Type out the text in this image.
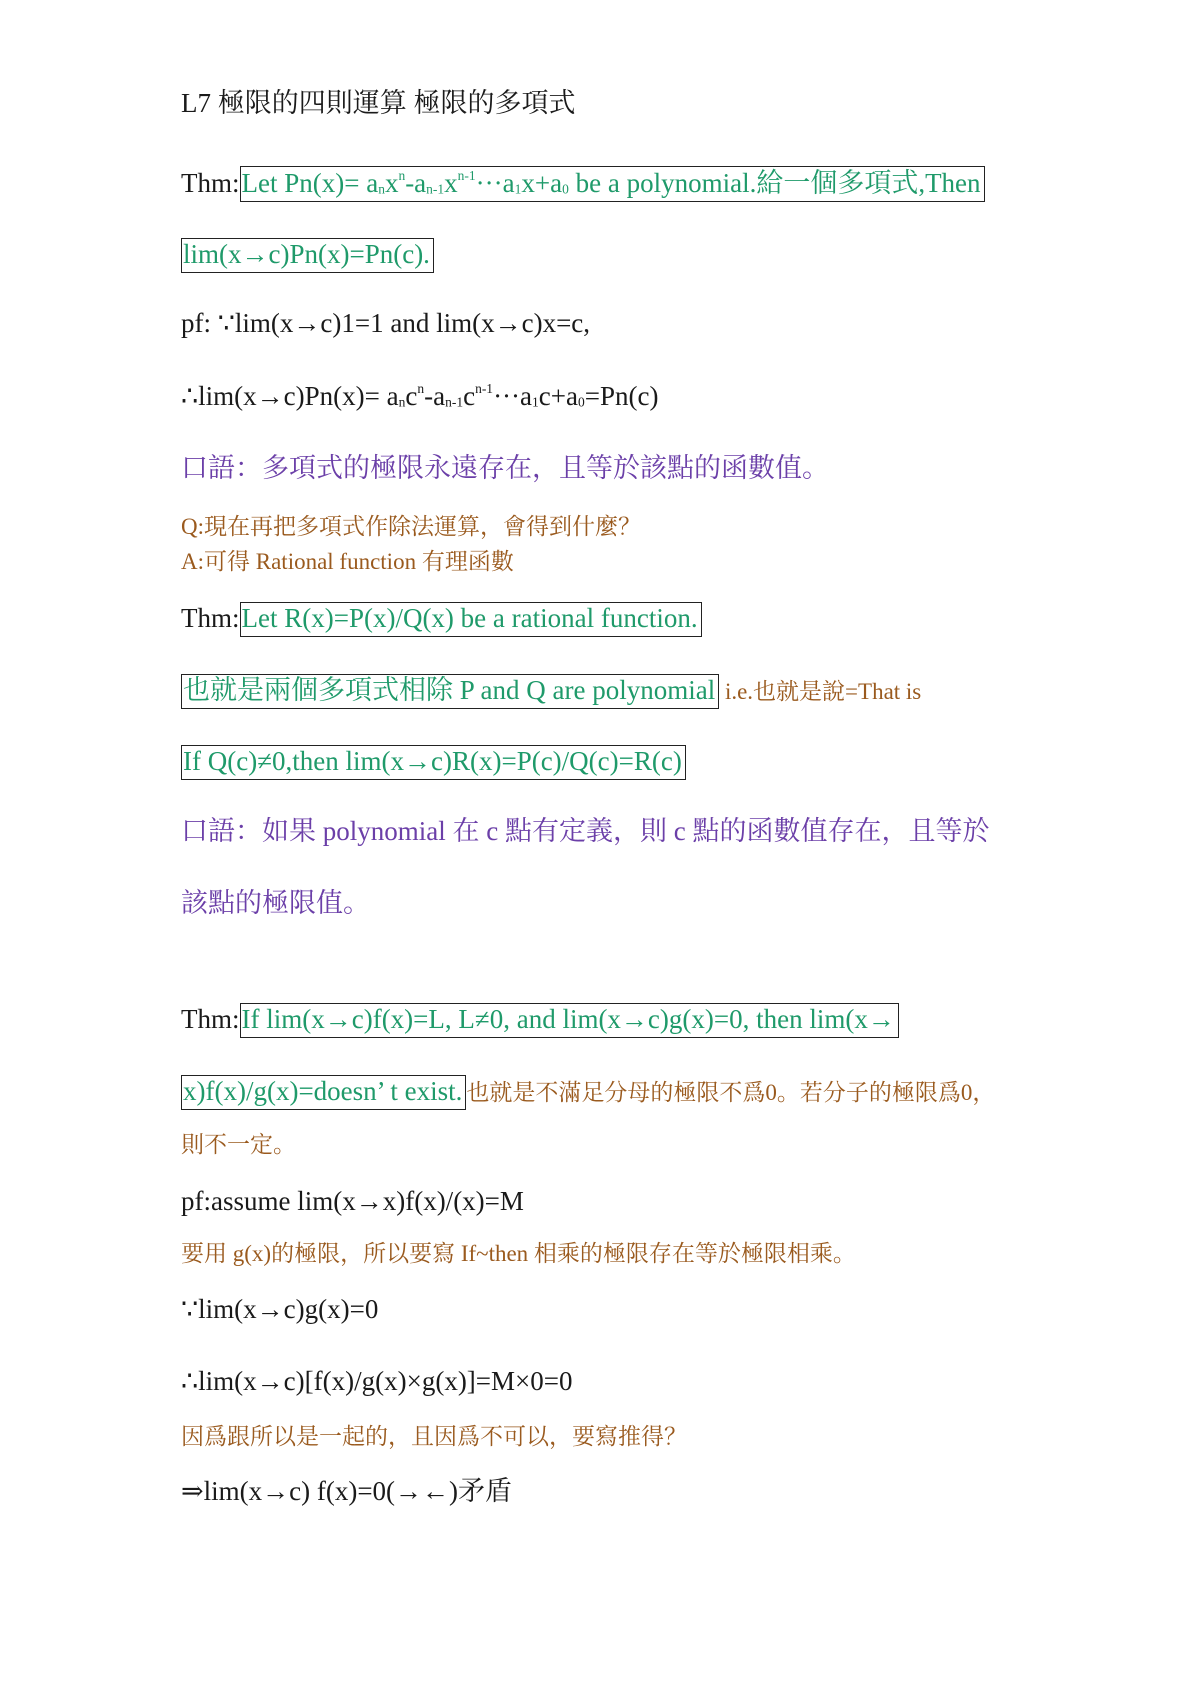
L7 極限的四則運算 極限的多項式
Thm:Let $Pn(x)= a_nx^n-a_{n-1}x^{n-1}\cdot\cdot\cdot a_1x+a_0$ be a polynomial.給一個多項式,Then
lim(x→c)Pn(x)=Pn(c).
pf: ∵lim(x→c)1=1 and lim(x→c)x=c,
∴lim(x→c)Pn(x)= $a_nc^n-a_{n-1}c^{n-1}\cdot\cdot\cdot a_1c+a_0=Pn(c)$
口語：多項式的極限永遠存在，且等於該點的函數值。
Q:現在再把多項式作除法運算，會得到什麼？
A:可得 Rational function 有理函數
Thm:Let R(x)=P(x)/Q(x) be a rational function.
也就是兩個多項式相除 P and Q are polynomial i.e.也就是說=That is
If Q(c)≠0,then lim(x→c)R(x)=P(c)/Q(c)=R(c)
口語：如果 polynomial 在 c 點有定義，則 c 點的函數值存在，且等於
該點的極限值。
Thm:If lim(x→c)f(x)=L, L≠0, and lim(x→c)g(x)=0, then lim(x→
x)f(x)/g(x)=doesn’ t exist. 也就是不滿足分母的極限不爲0。若分子的極限爲0，
則不一定。
pf:assume lim(x→x)f(x)/(x)=M
要用 g(x)的極限，所以要寫 If~then 相乘的極限存在等於極限相乘。
∵lim(x→c)g(x)=0
∴lim(x→c)[f(x)/g(x)×g(x)]=M×0=0
因爲跟所以是一起的，且因爲不可以，要寫推得？
⇒lim(x→c) f(x)=0(→←)矛盾
